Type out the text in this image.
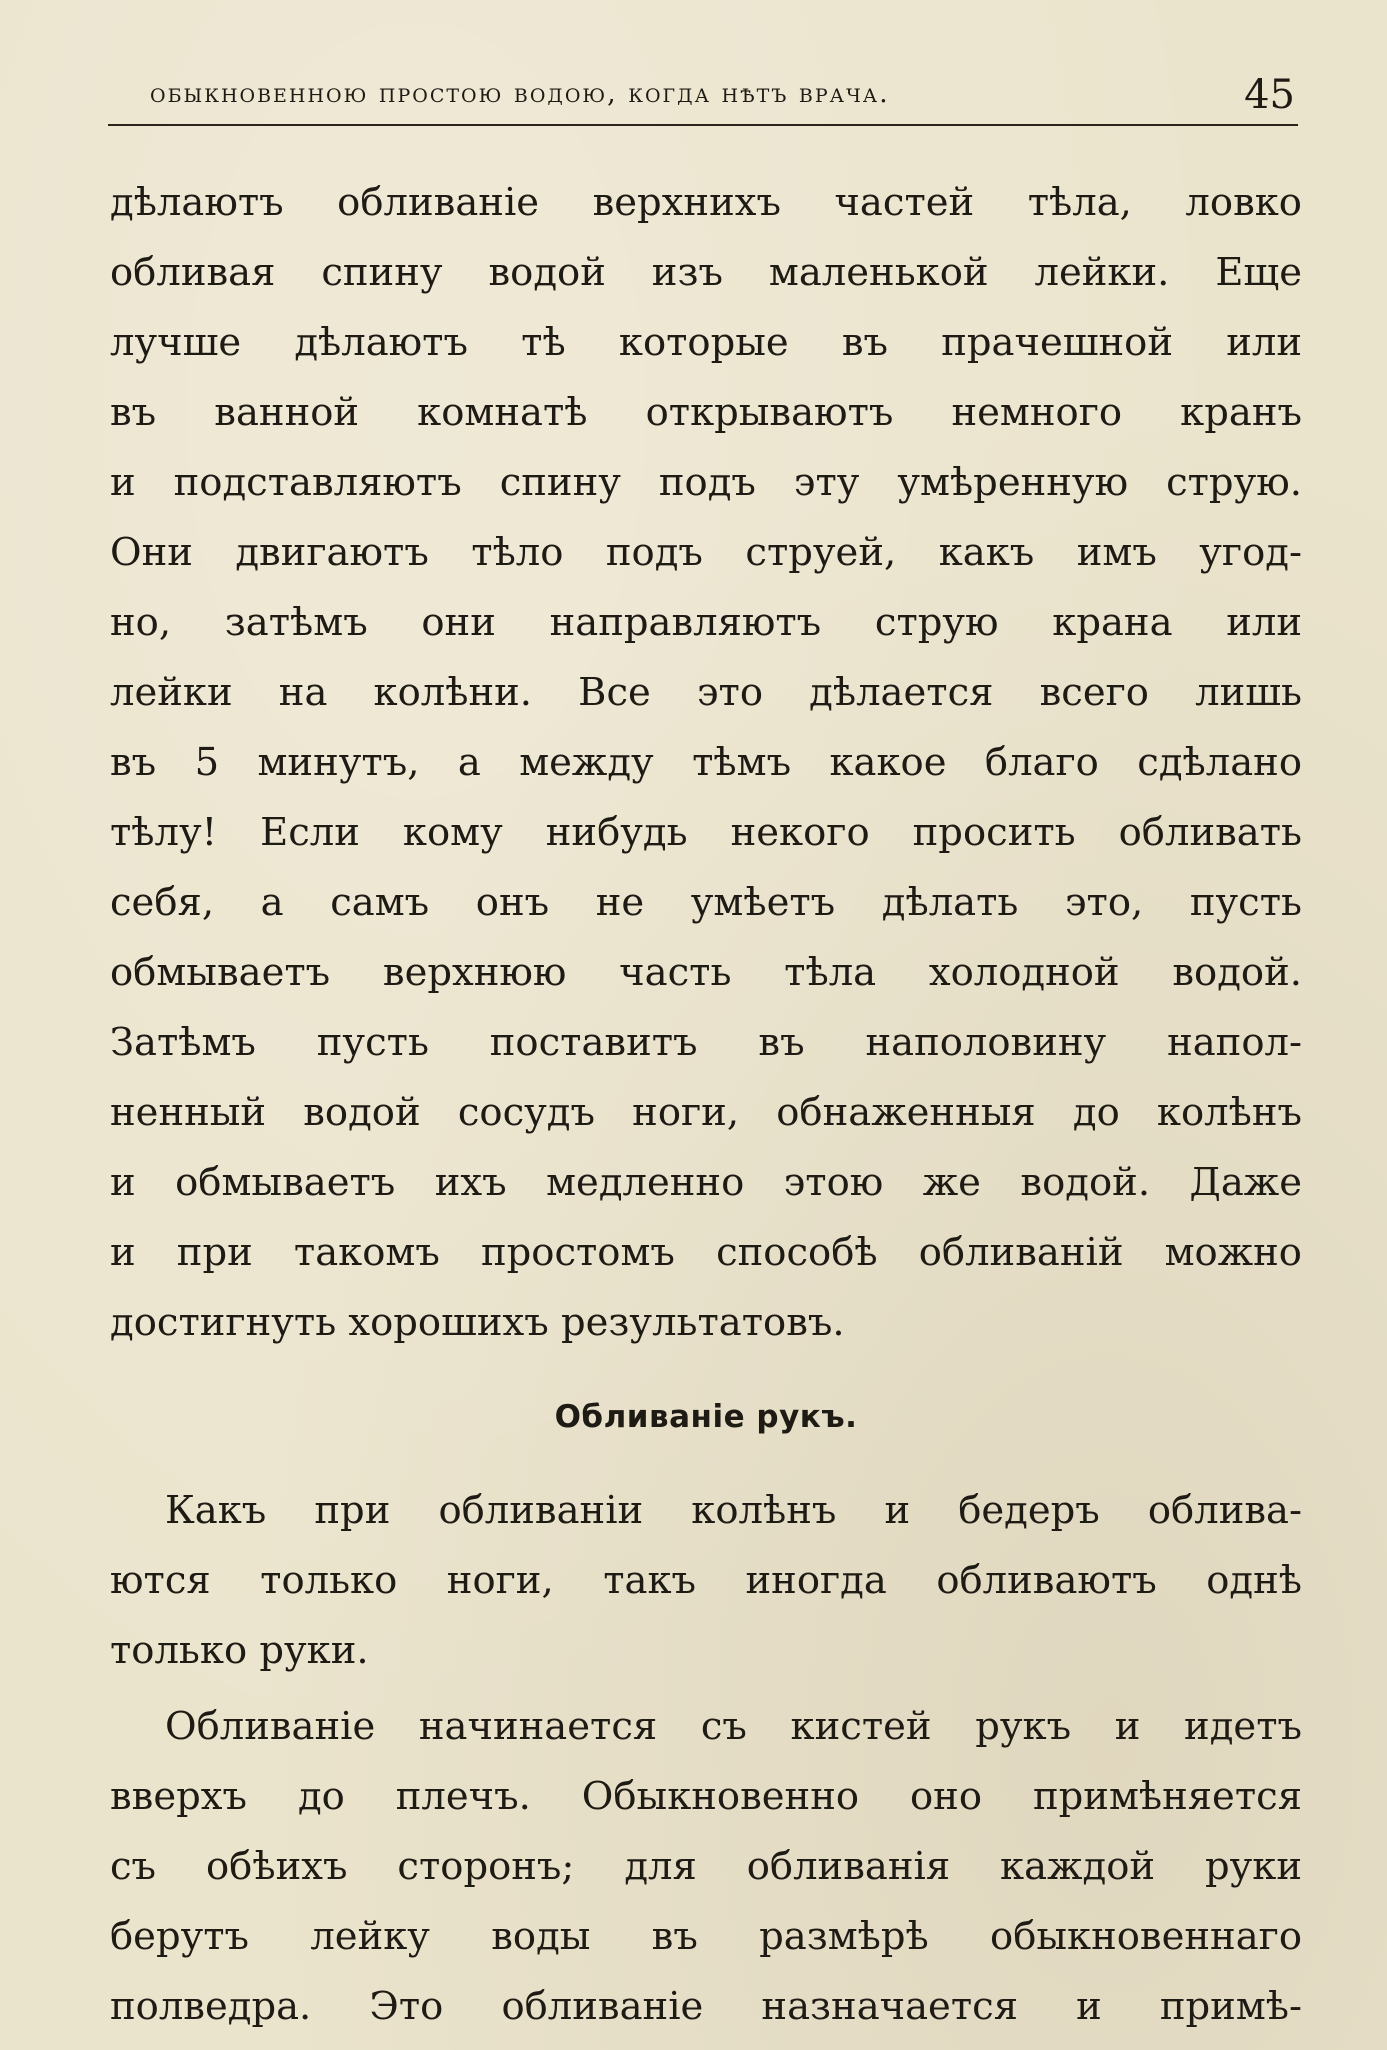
обыкновенною простою водою, когда нѣтъ врача.	45
дѣлаютъ обливаніе верхнихъ частей тѣла, ловко
обливая спину водой изъ маленькой лейки. Еще
лучше дѣлаютъ тѣ которые въ прачешной или
въ ванной комнатѣ открываютъ немного кранъ
и подставляютъ спину подъ эту умѣренную струю.
Они двигаютъ тѣло подъ струей, какъ имъ угод-
но, затѣмъ они направляютъ струю крана или
лейки на колѣни. Все это дѣлается всего лишь
въ 5 минутъ, а между тѣмъ какое благо сдѣлано
тѣлу! Если кому нибудь некого просить обливать
себя, а самъ онъ не умѣетъ дѣлать это, пусть
обмываетъ верхнюю часть тѣла холодной водой.
Затѣмъ пусть поставитъ въ наполовину напол-
ненный водой сосудъ ноги, обнаженныя до колѣнъ
и обмываетъ ихъ медленно этою же водой. Даже
и при такомъ простомъ способѣ обливаній можно
достигнуть хорошихъ результатовъ.
Обливаніе рукъ.
Какъ при обливаніи колѣнъ и бедеръ облива-
ются только ноги, такъ иногда обливаютъ однѣ
только руки.
Обливаніе начинается съ кистей рукъ и идетъ
вверхъ до плечъ. Обыкновенно оно примѣняется
съ обѣихъ сторонъ; для обливанія каждой руки
берутъ лейку воды въ размѣрѣ обыкновеннаго
полведра. Это обливаніе назначается и примѣ-
